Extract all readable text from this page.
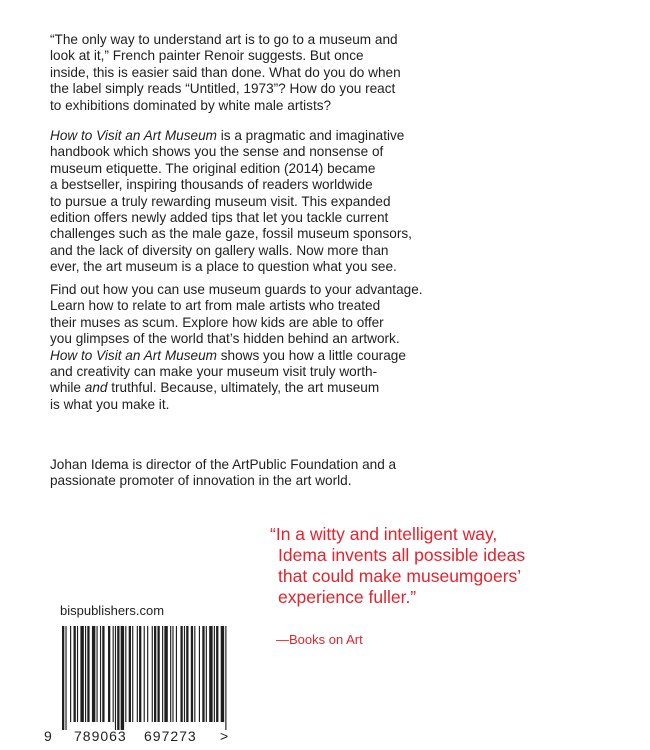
“The only way to understand art is to go to a museum and
look at it,” French painter Renoir suggests. But once
inside, this is easier said than done. What do you do when
the label simply reads “Untitled, 1973”? How do you react
to exhibitions dominated by white male artists?

How to Visit an Art Museum is a pragmatic and imaginative
handbook which shows you the sense and nonsense of
museum etiquette. The original edition (2014) became
a bestseller, inspiring thousands of readers worldwide
to pursue a truly rewarding museum visit. This expanded
edition offers newly added tips that let you tackle current
challenges such as the male gaze, fossil museum sponsors,
and the lack of diversity on gallery walls. Now more than
ever, the art museum is a place to question what you see.

Find out how you can use museum guards to your advantage.
Learn how to relate to art from male artists who treated
their muses as scum. Explore how kids are able to offer
you glimpses of the world that’s hidden behind an artwork.
How to Visit an Art Museum shows you how a little courage
and creativity can make your museum visit truly worth-
while and truthful. Because, ultimately, the art museum
is what you make it.

Johan Idema is director of the ArtPublic Foundation and a
passionate promoter of innovation in the art world.

“In a witty and intelligent way,
Idema invents all possible ideas
that could make museumgoers’
experience fuller.”

—Books on Art
bispublishers.com
9 789063 697273 >
